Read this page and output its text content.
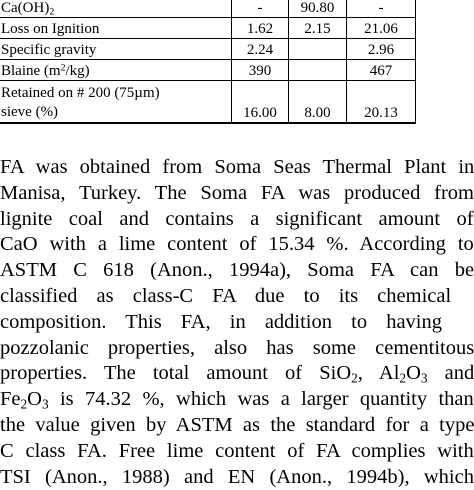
$Ca(OH)_2$	-	90.80	-
Loss on Ignition	1.62	2.15	21.06
Specific gravity	2.24		2.96
Blaine $(m^2/kg)$	390		467

Retained on # 200 (75µm)
sieve (%)	16.00	8.00	20.13
FA was obtained from Soma Seas Thermal Plant in
Manisa, Turkey. The Soma FA was produced from
lignite coal and contains a significant amount of
CaO with a lime content of 15.34 %. According to
ASTM C 618 (Anon., 1994a), Soma FA can be
classified as class-C FA due to its chemical
composition. This FA, in addition to having
pozzolanic properties, also has some cementitous
properties. The total amount of SiO$_2$, $Al_2O_3$ and
$Fe_2O_3$ is 74.32 %, which was a larger quantity than
the value given by ASTM as the standard for a type
C class FA. Free lime content of FA complies with
TSI (Anon., 1988) and EN (Anon., 1994b), which
